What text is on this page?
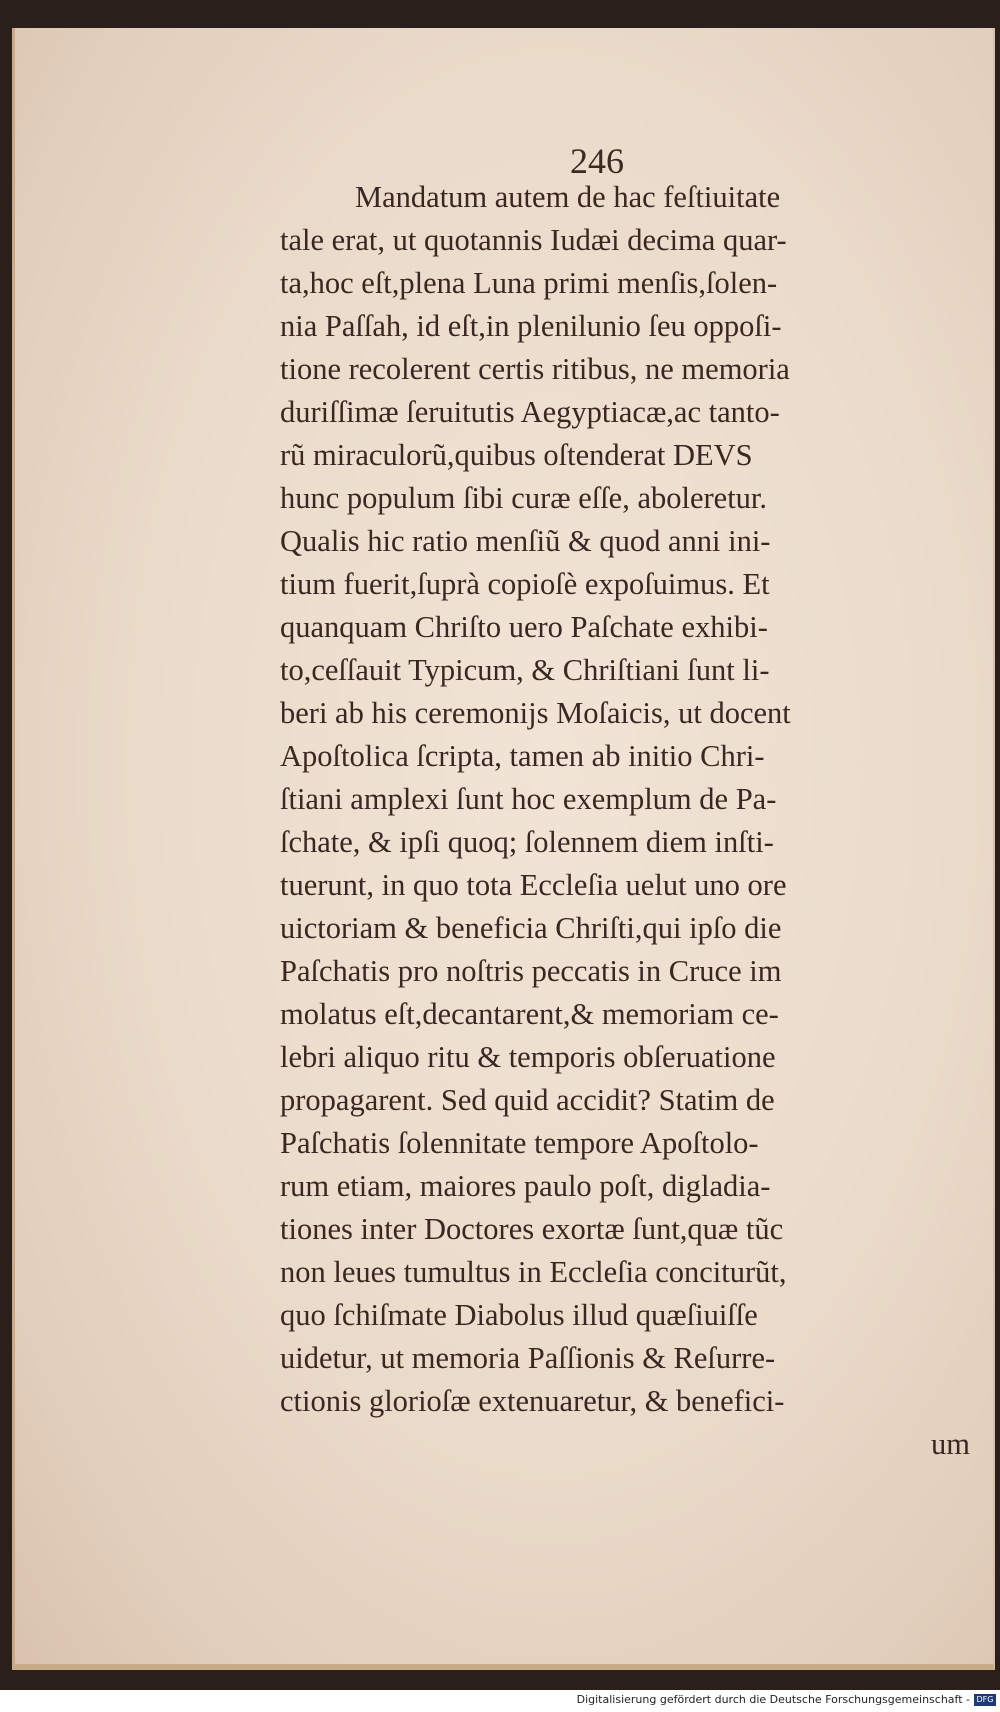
246
Mandatum autem de hac feſtiuitate
tale erat, ut quotannis Iudæi decima quar-
ta,hoc eſt,plena Luna primi menſis,ſolen-
nia Paſſah, id eſt,in plenilunio ſeu oppoſi-
tione recolerent certis ritibus, ne memoria
duriſſimæ ſeruitutis Aegyptiacæ,ac tanto-
rũ miraculorũ,quibus oſtenderat DEVS
hunc populum ſibi curæ eſſe, aboleretur.
Qualis hic ratio menſiũ & quod anni ini-
tium fuerit,ſuprà copioſè expoſuimus. Et
quanquam Chriſto uero Paſchate exhibi-
to,ceſſauit Typicum, & Chriſtiani ſunt li-
beri ab his ceremonijs Moſaicis, ut docent
Apoſtolica ſcripta, tamen ab initio Chri-
ſtiani amplexi ſunt hoc exemplum de Pa-
ſchate, & ipſi quoq; ſolennem diem inſti-
tuerunt, in quo tota Eccleſia uelut uno ore
uictoriam & beneficia Chriſti,qui ipſo die
Paſchatis pro noſtris peccatis in Cruce im
molatus eſt,decantarent,& memoriam ce-
lebri aliquo ritu & temporis obſeruatione
propagarent. Sed quid accidit? Statim de
Paſchatis ſolennitate tempore Apoſtolo-
rum etiam, maiores paulo poſt, digladia-
tiones inter Doctores exortæ ſunt,quæ tũc
non leues tumultus in Eccleſia conciturũt,
quo ſchiſmate Diabolus illud quæſiuiſſe
uidetur, ut memoria Paſſionis & Reſurre-
ctionis glorioſæ extenuaretur, & benefici-
um
Digitalisierung gefördert durch die Deutsche Forschungsgemeinschaft - DFG
